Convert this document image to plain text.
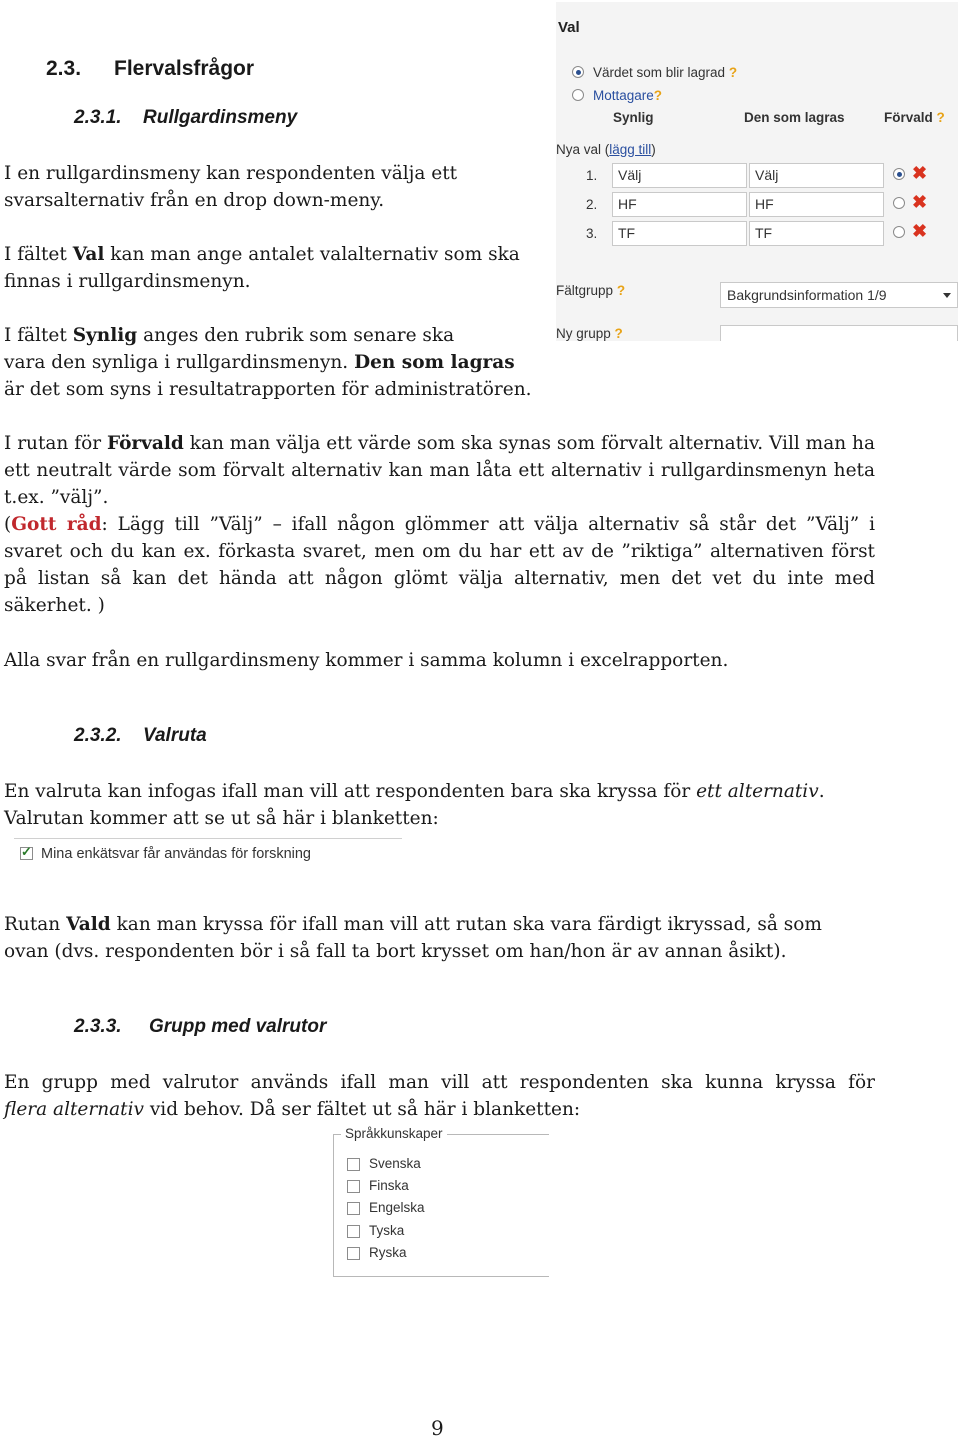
2.3. Flervalsfrågor
2.3.1. Rullgardinsmeny

I en rullgardinsmeny kan respondenten välja ett
svarsalternativ från en drop down-meny.

I fältet Val kan man ange antalet valalternativ som ska
finnas i rullgardinsmenyn.

I fältet Synlig anges den rubrik som senare ska
vara den synliga i rullgardinsmenyn. Den som lagras
är det som syns i resultatrapporten för administratören.

Val
Värdet som blir lagrad ?
Mottagare?
Synlig	Den som lagras	Förvald ?
Nya val (lägg till)
1.	Välj	Välj	✖
2.	HF	HF	✖
3.	TF	TF	✖
Fältgrupp ?	Bakgrundsinformation 1/9
Ny grupp ?

I rutan för Förvald kan man välja ett värde som ska synas som förvalt alternativ. Vill man ha ett neutralt värde som förvalt alternativ kan man låta ett alternativ i rullgardinsmenyn heta t.ex. ”välj”.

(Gott råd: Lägg till ”Välj” – ifall någon glömmer att välja alternativ så står det ”Välj” i svaret och du kan ex. förkasta svaret, men om du har ett av de ”riktiga” alternativen först på listan så kan det hända att någon glömt välja alternativ, men det vet du inte med säkerhet. )

Alla svar från en rullgardinsmeny kommer i samma kolumn i excelrapporten.

2.3.2. Valruta

En valruta kan infogas ifall man vill att respondenten bara ska kryssa för ett alternativ.
Valrutan kommer att se ut så här i blanketten:

✓
Mina enkätsvar får användas för forskning

Rutan Vald kan man kryssa för ifall man vill att rutan ska vara färdigt ikryssad, så som
ovan (dvs. respondenten bör i så fall ta bort krysset om han/hon är av annan åsikt).

2.3.3. Grupp med valrutor

En grupp med valrutor används ifall man vill att respondenten ska kunna kryssa för

flera alternativ vid behov. Då ser fältet ut så här i blanketten:

Språkkunskaper
Svenska
Finska
Engelska
Tyska
Ryska
9
